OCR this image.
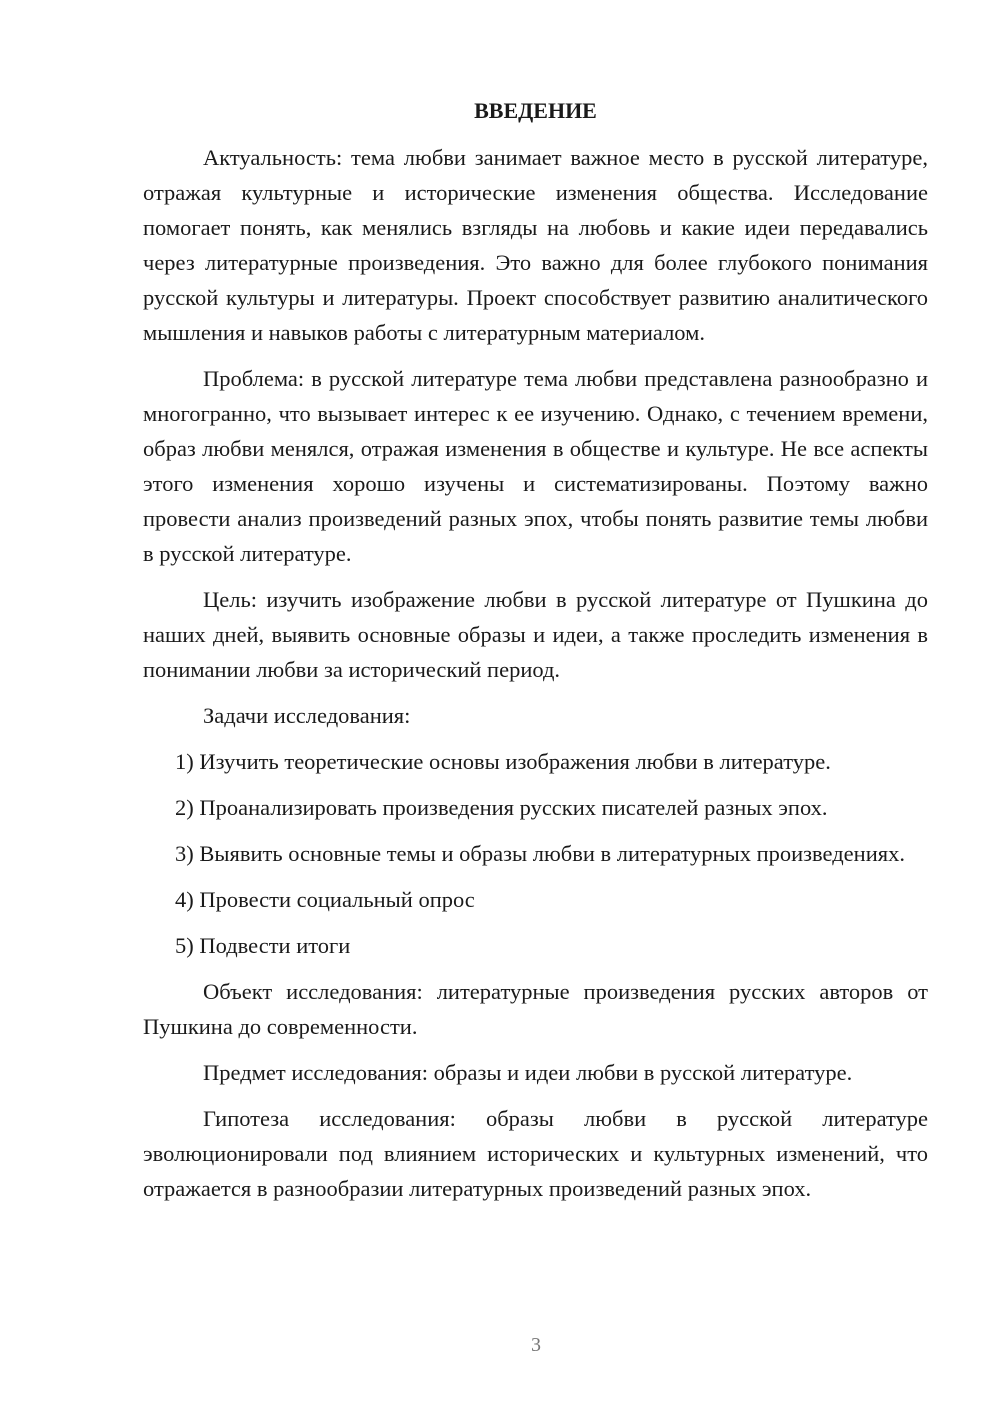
ВВЕДЕНИЕ

Актуальность: тема любви занимает важное место в русской литературе, отражая культурные и исторические изменения общества. Исследование помогает понять, как менялись взгляды на любовь и какие идеи передавались через литературные произведения. Это важно для более глубокого понимания русской культуры и литературы. Проект способствует развитию аналитического мышления и навыков работы с литературным материалом.

Проблема: в русской литературе тема любви представлена разнообразно и многогранно, что вызывает интерес к ее изучению. Однако, с течением времени, образ любви менялся, отражая изменения в обществе и культуре. Не все аспекты этого изменения хорошо изучены и систематизированы. Поэтому важно провести анализ произведений разных эпох, чтобы понять развитие темы любви в русской литературе.

Цель: изучить изображение любви в русской литературе от Пушкина до наших дней, выявить основные образы и идеи, а также проследить изменения в понимании любви за исторический период.

Задачи исследования:

1) Изучить теоретические основы изображения любви в литературе.

2) Проанализировать произведения русских писателей разных эпох.

3) Выявить основные темы и образы любви в литературных произведениях.

4) Провести социальный опрос

5) Подвести итоги

Объект исследования: литературные произведения русских авторов от Пушкина до современности.

Предмет исследования: образы и идеи любви в русской литературе.

Гипотеза исследования: образы любви в русской литературе эволюционировали под влиянием исторических и культурных изменений, что отражается в разнообразии литературных произведений разных эпох.

3
